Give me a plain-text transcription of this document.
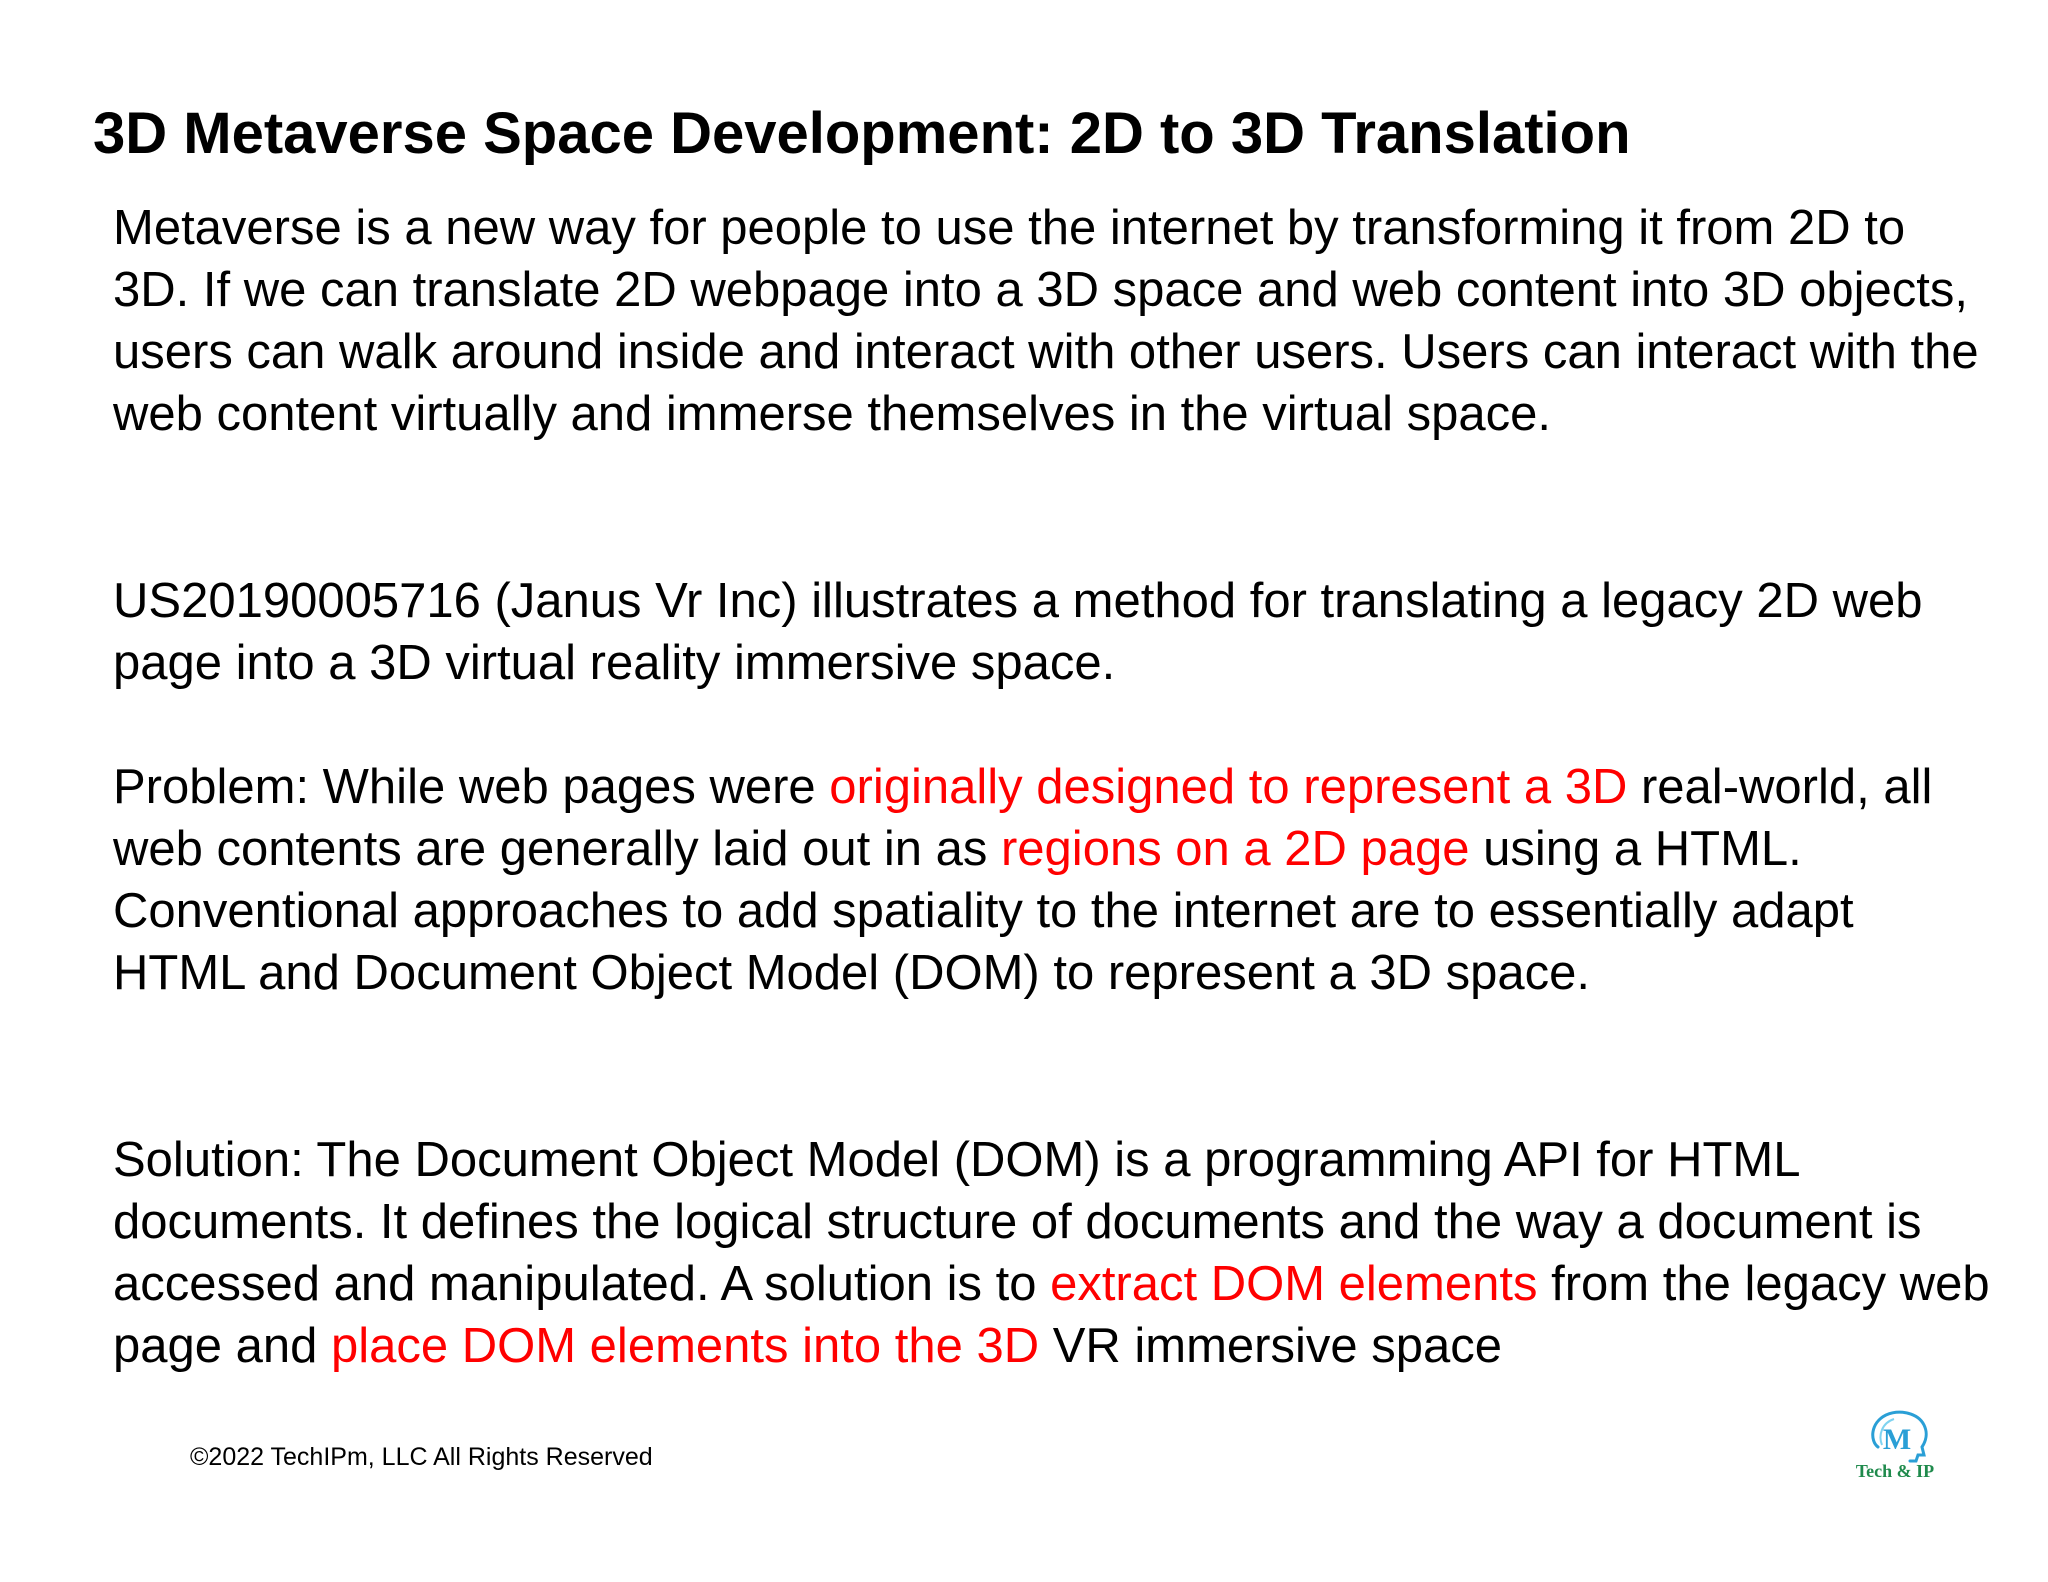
3D Metaverse Space Development: 2D to 3D Translation

Metaverse is a new way for people to use the internet by transforming it from 2D to 3D. If we can translate 2D webpage into a 3D space and web content into 3D objects, users can walk around inside and interact with other users. Users can interact with the web content virtually and immerse themselves in the virtual space.

US20190005716 (Janus Vr Inc) illustrates a method for translating a legacy 2D web page into a 3D virtual reality immersive space.

Problem: While web pages were originally designed to represent a 3D real-world, all web contents are generally laid out in as regions on a 2D page using a HTML. Conventional approaches to add spatiality to the internet are to essentially adapt HTML and Document Object Model (DOM) to represent a 3D space.

Solution: The Document Object Model (DOM) is a programming API for HTML documents. It defines the logical structure of documents and the way a document is accessed and manipulated. A solution is to extract DOM elements from the legacy web page and place DOM elements into the 3D VR immersive space

©2022 TechIPm, LLC All Rights Reserved
M
Tech & IP
